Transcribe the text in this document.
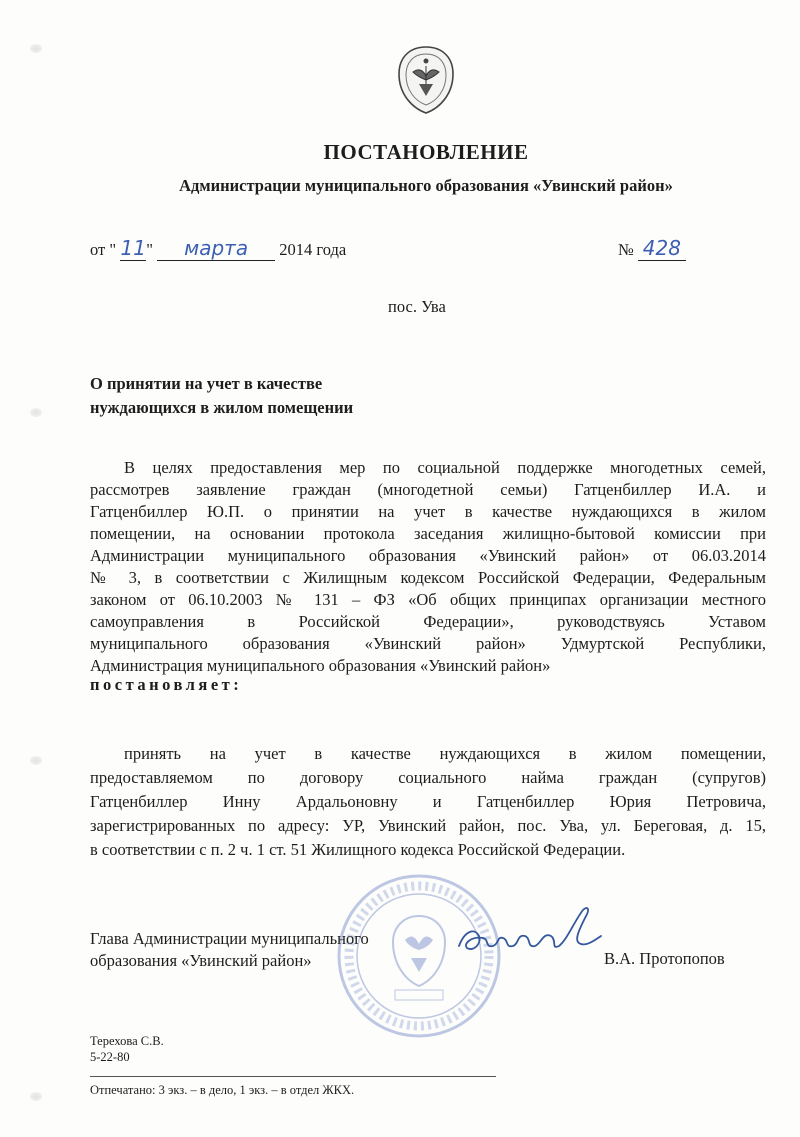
ПОСТАНОВЛЕНИЕ
Администрации муниципального образования «Увинский район»
от " 11" марта 2014 года	№ 428
пос. Ува
О принятии на учет в качестве
нуждающихся в жилом помещении
В целях предоставления мер по социальной поддержке многодетных семей,
рассмотрев заявление граждан (многодетной семьи) Гатценбиллер И.А. и
Гатценбиллер Ю.П. о принятии на учет в качестве нуждающихся в жилом
помещении, на основании протокола заседания жилищно-бытовой комиссии при
Администрации муниципального образования «Увинский район» от 06.03.2014
№ 3, в соответствии с Жилищным кодексом Российской Федерации, Федеральным
законом от 06.10.2003 № 131 – ФЗ «Об общих принципах организации местного
самоуправления в Российской Федерации», руководствуясь Уставом
муниципального образования «Увинский район» Удмуртской Республики,
Администрация муниципального образования «Увинский район»
постановляет:
принять на учет в качестве нуждающихся в жилом помещении,
предоставляемом по договору социального найма граждан (супругов)
Гатценбиллер Инну Ардальоновну и Гатценбиллер Юрия Петровича,
зарегистрированных по адресу: УР, Увинский район, пос. Ува, ул. Береговая, д. 15,
в соответствии с п. 2 ч. 1 ст. 51 Жилищного кодекса Российской Федерации.
Глава Администрации муниципального
образования «Увинский район»	В.А. Протопопов
Терехова С.В.
5-22-80
Отпечатано: 3 экз. – в дело, 1 экз. – в отдел ЖКХ.
